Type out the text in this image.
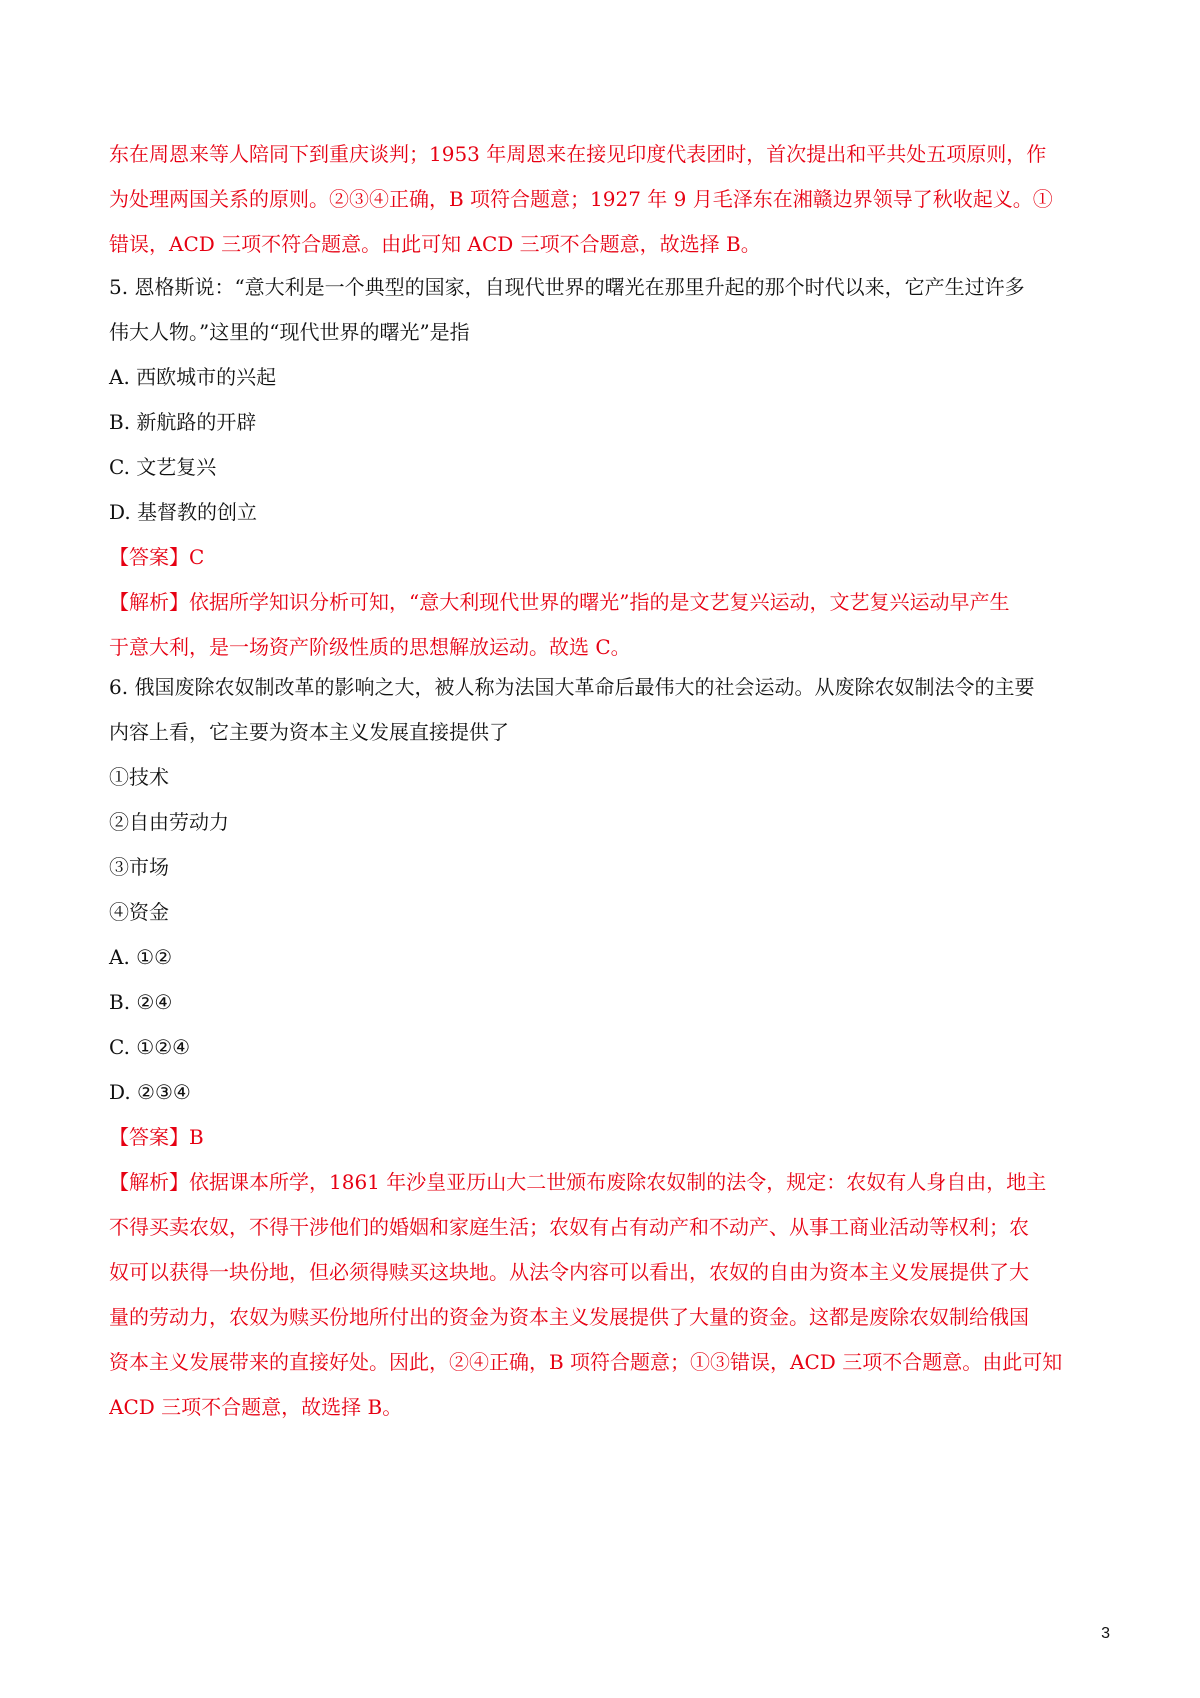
东在周恩来等人陪同下到重庆谈判；1953 年周恩来在接见印度代表团时，首次提出和平共处五项原则，作
为处理两国关系的原则。②③④正确，B 项符合题意；1927 年 9 月毛泽东在湘赣边界领导了秋收起义。①
错误，ACD 三项不符合题意。由此可知 ACD 三项不合题意，故选择 B。
5. 恩格斯说：“意大利是一个典型的国家，自现代世界的曙光在那里升起的那个时代以来，它产生过许多
伟大人物。”这里的“现代世界的曙光”是指
A. 西欧城市的兴起
B. 新航路的开辟
C. 文艺复兴
D. 基督教的创立
【答案】C
【解析】依据所学知识分析可知，“意大利现代世界的曙光”指的是文艺复兴运动，文艺复兴运动早产生
于意大利，是一场资产阶级性质的思想解放运动。故选 C。
6. 俄国废除农奴制改革的影响之大，被人称为法国大革命后最伟大的社会运动。从废除农奴制法令的主要
内容上看，它主要为资本主义发展直接提供了
①技术
②自由劳动力
③市场
④资金
A. ①②
B. ②④
C. ①②④
D. ②③④
【答案】B
【解析】依据课本所学，1861 年沙皇亚历山大二世颁布废除农奴制的法令，规定：农奴有人身自由，地主
不得买卖农奴，不得干涉他们的婚姻和家庭生活；农奴有占有动产和不动产、从事工商业活动等权利；农
奴可以获得一块份地，但必须得赎买这块地。从法令内容可以看出，农奴的自由为资本主义发展提供了大
量的劳动力，农奴为赎买份地所付出的资金为资本主义发展提供了大量的资金。这都是废除农奴制给俄国
资本主义发展带来的直接好处。因此，②④正确，B 项符合题意；①③错误，ACD 三项不合题意。由此可知
ACD 三项不合题意，故选择 B。
3
